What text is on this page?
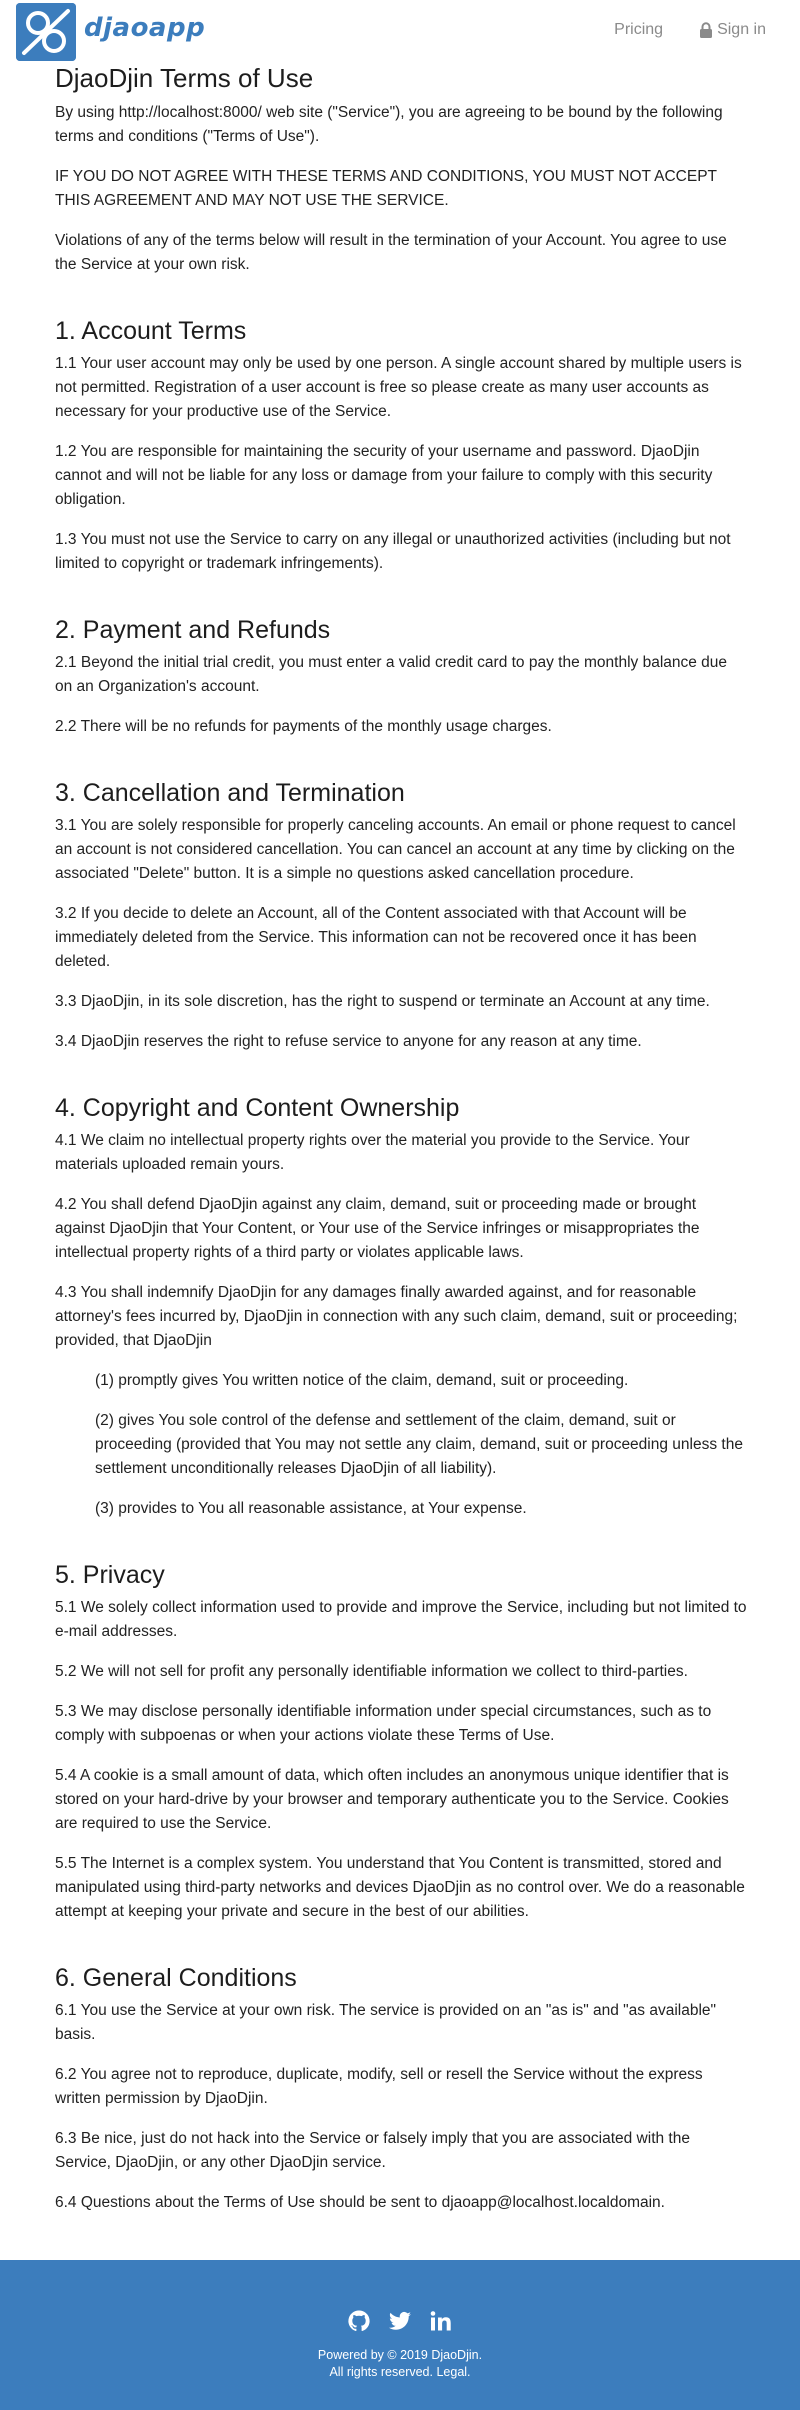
djaoapp	Pricing	Sign in
DjaoDjin Terms of Use

By using http://localhost:8000/ web site ("Service"), you are agreeing to be bound by the following terms and conditions ("Terms of Use").

IF YOU DO NOT AGREE WITH THESE TERMS AND CONDITIONS, YOU MUST NOT ACCEPT THIS AGREEMENT AND MAY NOT USE THE SERVICE.

Violations of any of the terms below will result in the termination of your Account. You agree to use the Service at your own risk.

1. Account Terms

1.1 Your user account may only be used by one person. A single account shared by multiple users is not permitted. Registration of a user account is free so please create as many user accounts as necessary for your productive use of the Service.

1.2 You are responsible for maintaining the security of your username and password. DjaoDjin cannot and will not be liable for any loss or damage from your failure to comply with this security obligation.

1.3 You must not use the Service to carry on any illegal or unauthorized activities (including but not limited to copyright or trademark infringements).

2. Payment and Refunds

2.1 Beyond the initial trial credit, you must enter a valid credit card to pay the monthly balance due on an Organization's account.

2.2 There will be no refunds for payments of the monthly usage charges.

3. Cancellation and Termination

3.1 You are solely responsible for properly canceling accounts. An email or phone request to cancel an account is not considered cancellation. You can cancel an account at any time by clicking on the associated "Delete" button. It is a simple no questions asked cancellation procedure.

3.2 If you decide to delete an Account, all of the Content associated with that Account will be immediately deleted from the Service. This information can not be recovered once it has been deleted.

3.3 DjaoDjin, in its sole discretion, has the right to suspend or terminate an Account at any time.

3.4 DjaoDjin reserves the right to refuse service to anyone for any reason at any time.

4. Copyright and Content Ownership

4.1 We claim no intellectual property rights over the material you provide to the Service. Your materials uploaded remain yours.

4.2 You shall defend DjaoDjin against any claim, demand, suit or proceeding made or brought against DjaoDjin that Your Content, or Your use of the Service infringes or misappropriates the intellectual property rights of a third party or violates applicable laws.

4.3 You shall indemnify DjaoDjin for any damages finally awarded against, and for reasonable attorney's fees incurred by, DjaoDjin in connection with any such claim, demand, suit or proceeding; provided, that DjaoDjin

(1) promptly gives You written notice of the claim, demand, suit or proceeding.

(2) gives You sole control of the defense and settlement of the claim, demand, suit or proceeding (provided that You may not settle any claim, demand, suit or proceeding unless the settlement unconditionally releases DjaoDjin of all liability).

(3) provides to You all reasonable assistance, at Your expense.

5. Privacy

5.1 We solely collect information used to provide and improve the Service, including but not limited to e-mail addresses.

5.2 We will not sell for profit any personally identifiable information we collect to third-parties.

5.3 We may disclose personally identifiable information under special circumstances, such as to comply with subpoenas or when your actions violate these Terms of Use.

5.4 A cookie is a small amount of data, which often includes an anonymous unique identifier that is stored on your hard-drive by your browser and temporary authenticate you to the Service. Cookies are required to use the Service.

5.5 The Internet is a complex system. You understand that You Content is transmitted, stored and manipulated using third-party networks and devices DjaoDjin as no control over. We do a reasonable attempt at keeping your private and secure in the best of our abilities.

6. General Conditions

6.1 You use the Service at your own risk. The service is provided on an "as is" and "as available" basis.

6.2 You agree not to reproduce, duplicate, modify, sell or resell the Service without the express written permission by DjaoDjin.

6.3 Be nice, just do not hack into the Service or falsely imply that you are associated with the Service, DjaoDjin, or any other DjaoDjin service.

6.4 Questions about the Terms of Use should be sent to djaoapp@localhost.localdomain.

Powered by © 2019 DjaoDjin.
All rights reserved. Legal.
